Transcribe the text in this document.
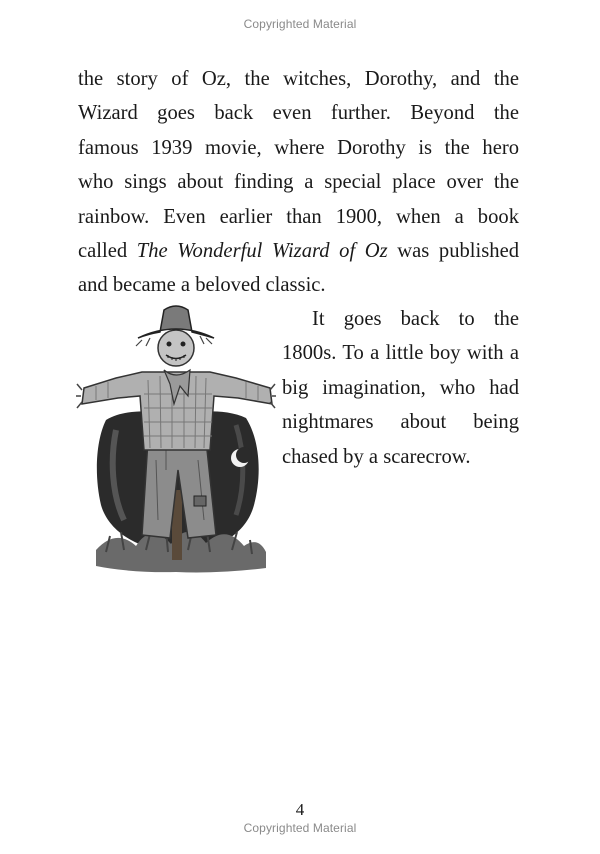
Copyrighted Material

the story of Oz, the witches, Dorothy, and the
Wizard goes back even further. Beyond the
famous 1939 movie, where Dorothy is the hero
who sings about finding a special place over the
rainbow. Even earlier than 1900, when a book
called The Wonderful Wizard of Oz was published
and became a beloved classic.

It goes back to the
1800s. To a little boy with a
big imagination, who had
nightmares about being
chased by a scarecrow.

4
Copyrighted Material
